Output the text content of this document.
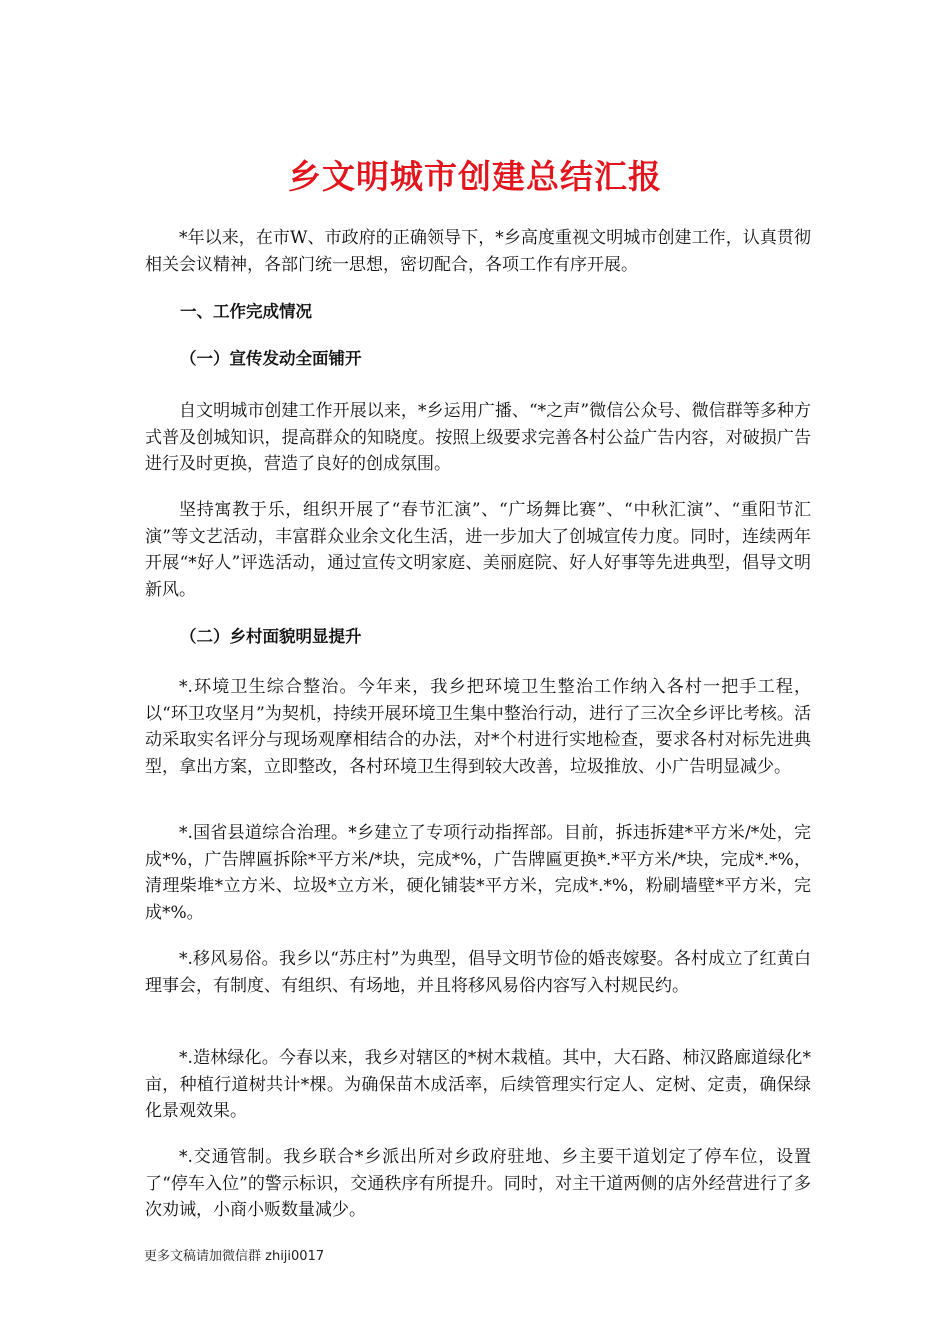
乡文明城市创建总结汇报

*年以来，在市W、市政府的正确领导下，*乡高度重视文明城市创建工作，认真贯彻相关会议精神，各部门统一思想，密切配合，各项工作有序开展。

一、工作完成情况

（一）宣传发动全面铺开

自文明城市创建工作开展以来，*乡运用广播、“*之声”微信公众号、微信群等多种方式普及创城知识，提高群众的知晓度。按照上级要求完善各村公益广告内容，对破损广告进行及时更换，营造了良好的创成氛围。

坚持寓教于乐，组织开展了“春节汇演”、“广场舞比赛”、“中秋汇演”、“重阳节汇演”等文艺活动，丰富群众业余文化生活，进一步加大了创城宣传力度。同时，连续两年开展“*好人”评选活动，通过宣传文明家庭、美丽庭院、好人好事等先进典型，倡导文明新风。

（二）乡村面貌明显提升

*.环境卫生综合整治。今年来，我乡把环境卫生整治工作纳入各村一把手工程，以“环卫攻坚月”为契机，持续开展环境卫生集中整治行动，进行了三次全乡评比考核。活动采取实名评分与现场观摩相结合的办法，对*个村进行实地检查，要求各村对标先进典型，拿出方案，立即整改，各村环境卫生得到较大改善，垃圾推放、小广告明显减少。

*.国省县道综合治理。*乡建立了专项行动指挥部。目前，拆违拆建*平方米/*处，完成*%，广告牌匾拆除*平方米/*块，完成*%，广告牌匾更换*.*平方米/*块，完成*.*%，清理柴堆*立方米、垃圾*立方米，硬化铺装*平方米，完成*.*%，粉刷墙壁*平方米，完成*%。

*.移风易俗。我乡以“苏庄村”为典型，倡导文明节俭的婚丧嫁娶。各村成立了红黄白理事会，有制度、有组织、有场地，并且将移风易俗内容写入村规民约。

*.造林绿化。今春以来，我乡对辖区的*树木栽植。其中，大石路、柿汉路廊道绿化*亩，种植行道树共计*棵。为确保苗木成活率，后续管理实行定人、定树、定责，确保绿化景观效果。

*.交通管制。我乡联合*乡派出所对乡政府驻地、乡主要干道划定了停车位，设置了“停车入位”的警示标识，交通秩序有所提升。同时，对主干道两侧的店外经营进行了多次劝诫，小商小贩数量减少。

更多文稿请加微信群 zhiji0017
